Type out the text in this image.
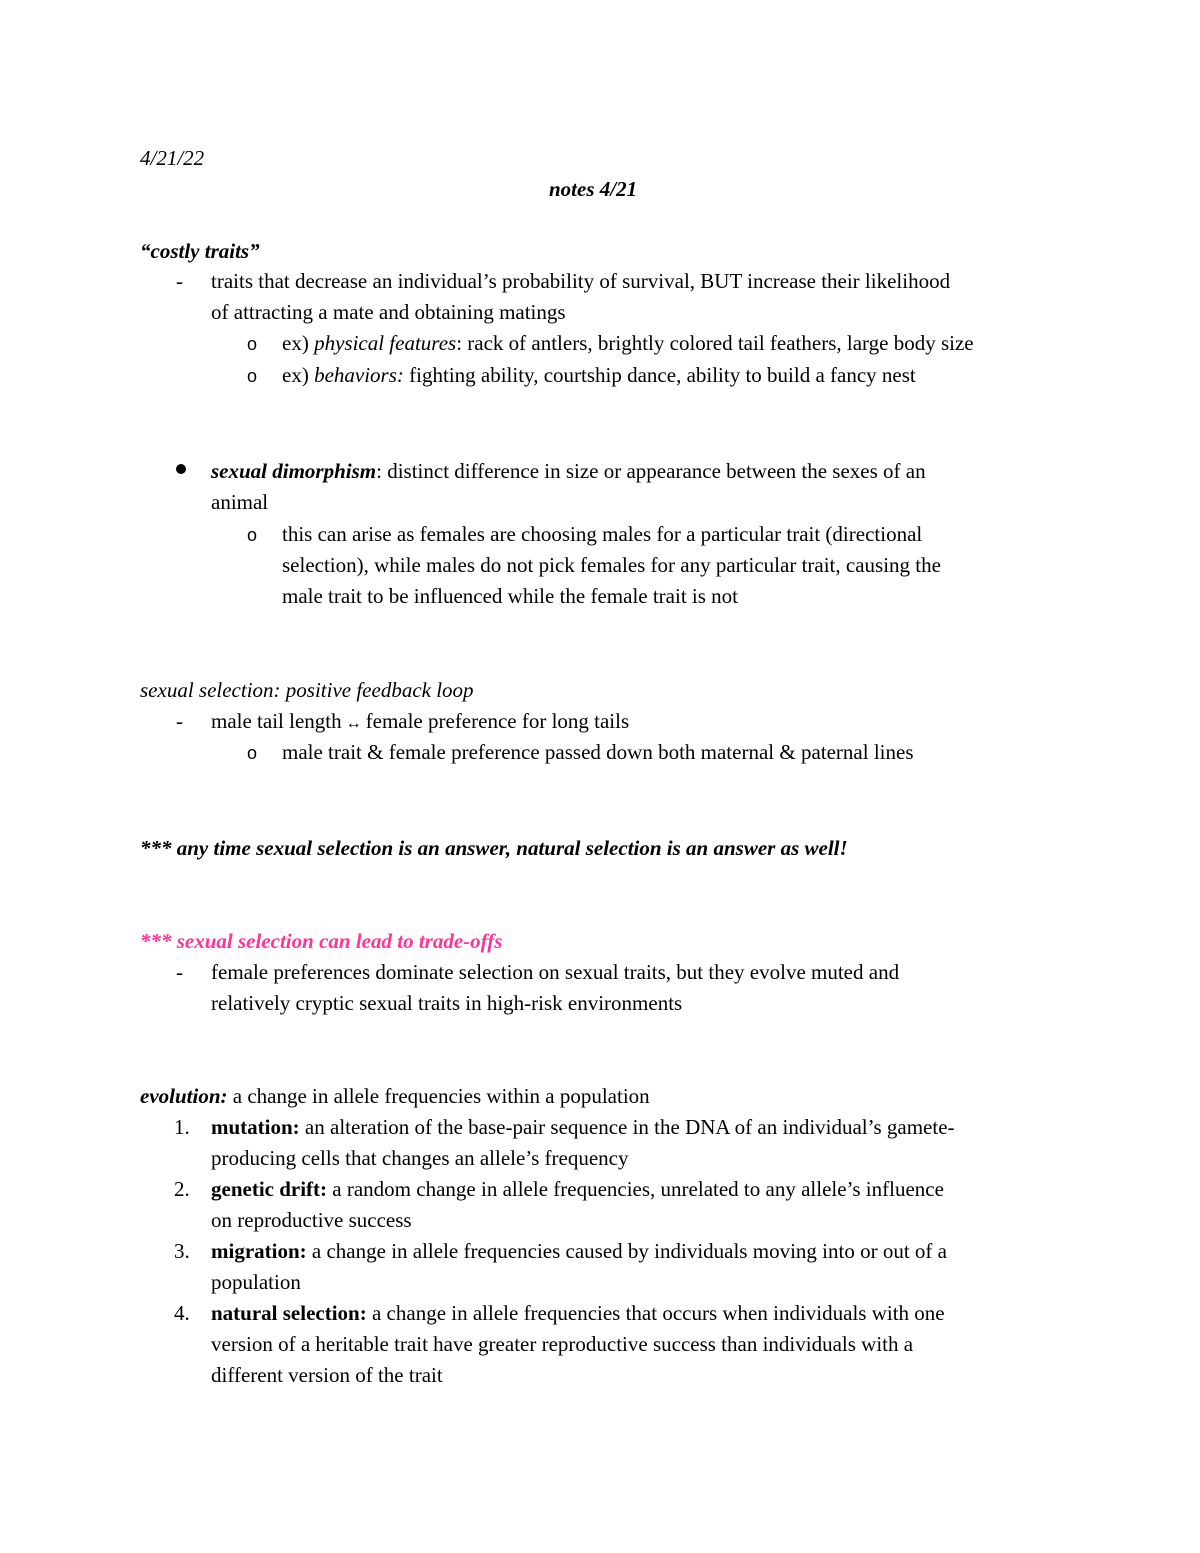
4/21/22
notes 4/21
“costly traits”
- traits that decrease an individual’s probability of survival, BUT increase their likelihood
of attracting a mate and obtaining matings
o ex) physical features: rack of antlers, brightly colored tail feathers, large body size
o ex) behaviors: fighting ability, courtship dance, ability to build a fancy nest
sexual dimorphism: distinct difference in size or appearance between the sexes of an
animal
o this can arise as females are choosing males for a particular trait (directional
selection), while males do not pick females for any particular trait, causing the
male trait to be influenced while the female trait is not
sexual selection: positive feedback loop
- male tail length ↔ female preference for long tails
o male trait & female preference passed down both maternal & paternal lines
*** any time sexual selection is an answer, natural selection is an answer as well!
*** sexual selection can lead to trade-offs
- female preferences dominate selection on sexual traits, but they evolve muted and
relatively cryptic sexual traits in high-risk environments
evolution: a change in allele frequencies within a population
1. mutation: an alteration of the base-pair sequence in the DNA of an individual’s gamete-
producing cells that changes an allele’s frequency
2. genetic drift: a random change in allele frequencies, unrelated to any allele’s influence
on reproductive success
3. migration: a change in allele frequencies caused by individuals moving into or out of a
population
4. natural selection: a change in allele frequencies that occurs when individuals with one
version of a heritable trait have greater reproductive success than individuals with a
different version of the trait
